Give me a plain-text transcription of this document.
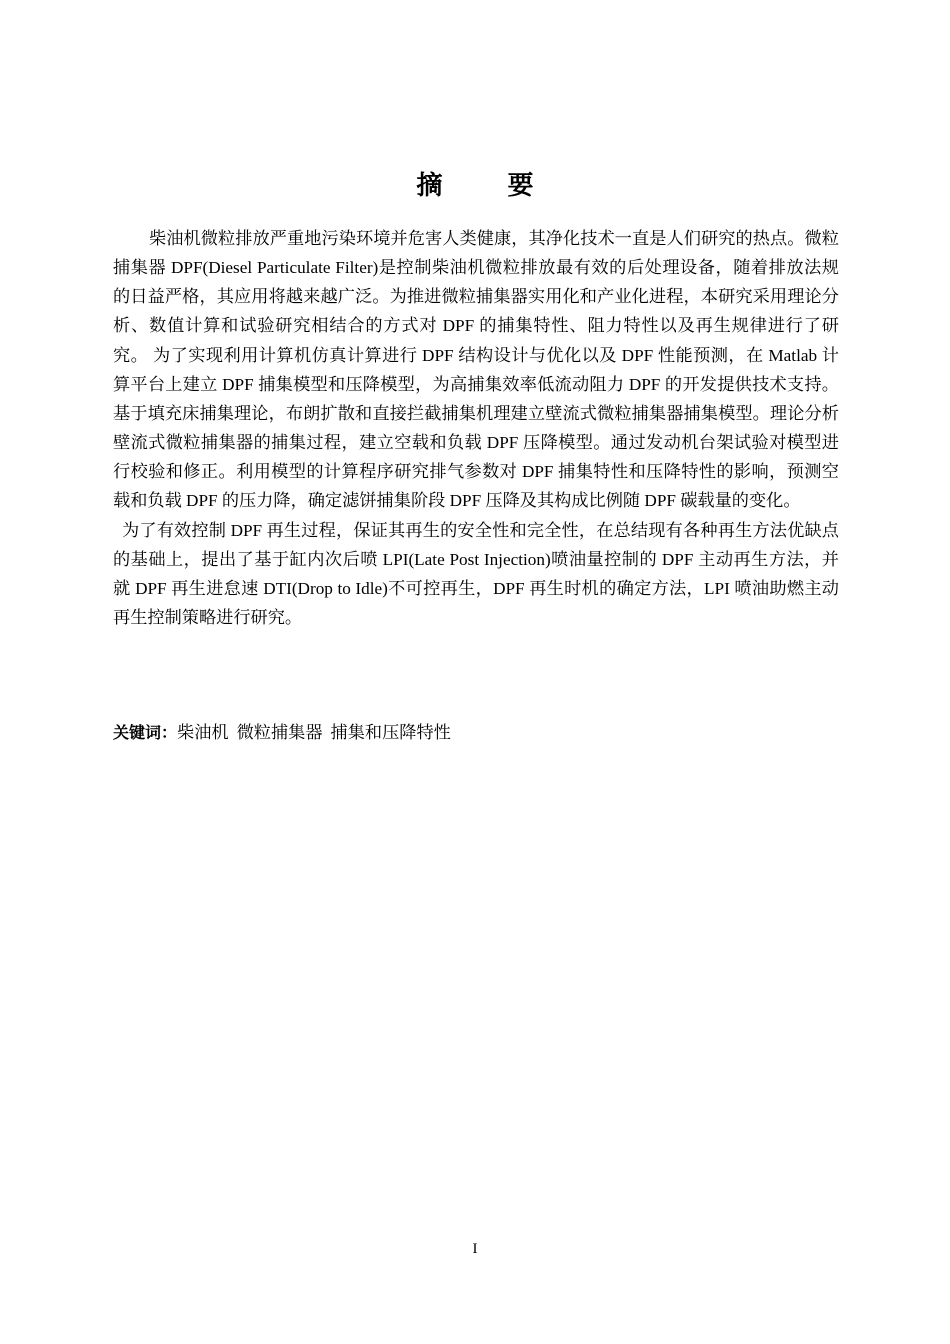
摘 要
柴油机微粒排放严重地污染环境并危害人类健康，其净化技术一直是人们研究的热点。微粒捕集器 DPF(Diesel Particulate Filter)是控制柴油机微粒排放最有效的后处理设备，随着排放法规的日益严格，其应用将越来越广泛。为推进微粒捕集器实用化和产业化进程，本研究采用理论分析、数值计算和试验研究相结合的方式对 DPF 的捕集特性、阻力特性以及再生规律进行了研究。 为了实现利用计算机仿真计算进行 DPF 结构设计与优化以及 DPF 性能预测，在 Matlab 计算平台上建立 DPF 捕集模型和压降模型，为高捕集效率低流动阻力 DPF 的开发提供技术支持。基于填充床捕集理论，布朗扩散和直接拦截捕集机理建立壁流式微粒捕集器捕集模型。理论分析壁流式微粒捕集器的捕集过程，建立空载和负载 DPF 压降模型。通过发动机台架试验对模型进行校验和修正。利用模型的计算程序研究排气参数对 DPF 捕集特性和压降特性的影响，预测空载和负载 DPF 的压力降，确定滤饼捕集阶段 DPF 压降及其构成比例随 DPF 碳载量的变化。
为了有效控制 DPF 再生过程，保证其再生的安全性和完全性，在总结现有各种再生方法优缺点的基础上，提出了基于缸内次后喷 LPI(Late Post Injection)喷油量控制的 DPF 主动再生方法，并就 DPF 再生进怠速 DTI(Drop to Idle)不可控再生，DPF 再生时机的确定方法，LPI 喷油助燃主动再生控制策略进行研究。
关键词：柴油机 微粒捕集器 捕集和压降特性
I
